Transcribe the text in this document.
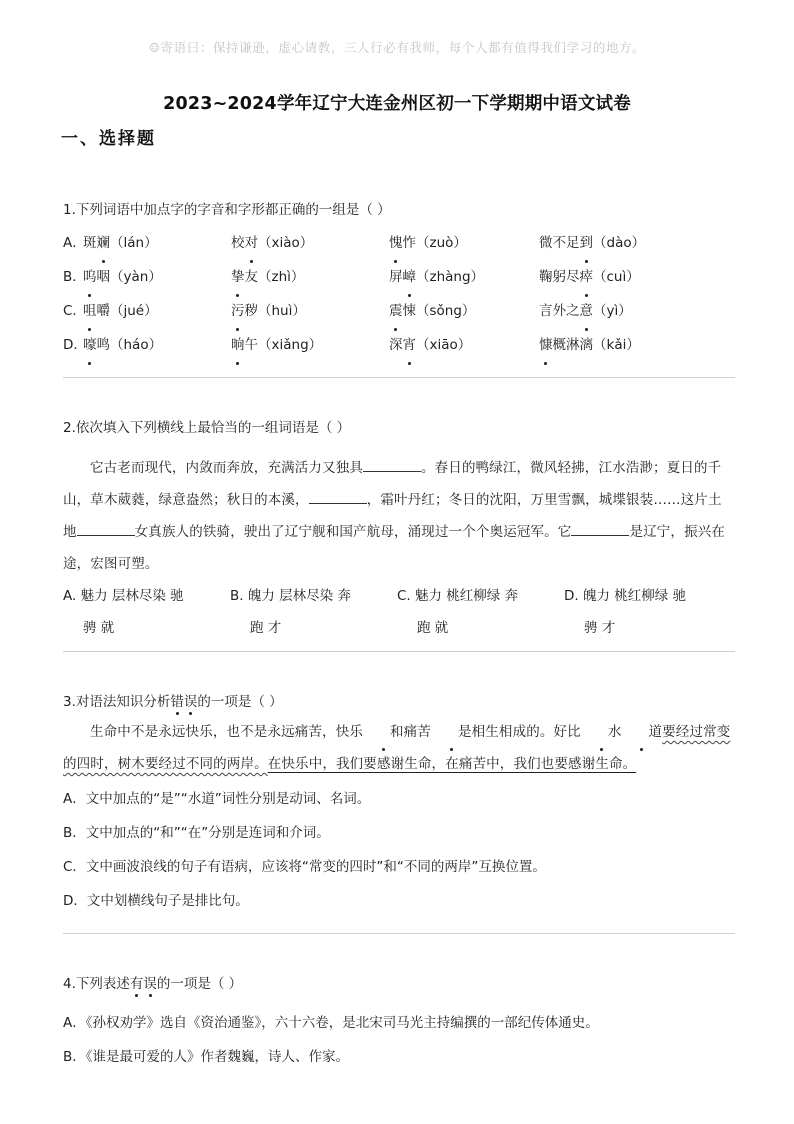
☺寄语曰：保持谦逊，虚心请教，三人行必有我师，每个人都有值得我们学习的地方。
2023~2024学年辽宁大连金州区初一下学期期中语文试卷
一、选择题
1.下列词语中加点字的字音和字形都正确的一组是（ ）
A．
斑斓（lán）	校对（xiào）	愧怍（zuò）	微不足到（dào）
B．
呜咽（yàn）	挚友（zhì）	屏嶂（zhàng）	鞠躬尽瘁（cuì）
C．
咀嚼（jué）	污秽（huì）	震悚（sǒng）	言外之意（yì）
D．
嚎鸣（háo）	晌午（xiǎng）	深宵（xiāo）	慷概淋漓（kǎi）
2.依次填入下列横线上最恰当的一组词语是（ ）
它古老而现代，内敛而奔放，充满活力又独具	。春日的鸭绿江，微风轻拂，江水浩渺；夏日的千山，草木葳蕤，绿意盎然；秋日的本溪，	，霜叶丹红；冬日的沈阳，万里雪飘，城堞银装……这片土地	女真族人的铁骑，驶出了辽宁舰和国产航母，涌现过一个个奥运冠军。它	是辽宁，振兴在途，宏图可塑。
A. 魅力 层林尽染 驰
骋 就
B. 魄力 层林尽染 奔
跑 才
C. 魅力 桃红柳绿 奔
跑 就
D. 魄力 桃红柳绿 驰
骋 才
3.对语法知识分析错误的一项是（ ）
生命中不是永远快乐，也不是永远痛苦，快乐 和痛苦 是相生相成的。好比 水 道要经过常变的四时，树木要经过不同的两岸。在快乐中，我们要感谢生命，在痛苦中，我们也要感谢生命。
A．文中加点的“是”“水道”词性分别是动词、名词。
B．文中加点的“和”“在”分别是连词和介词。
C．文中画波浪线的句子有语病，应该将“常变的四时”和“不同的两岸”互换位置。
D．文中划横线句子是排比句。
4.下列表述有误的一项是（ ）
A．《孙权劝学》选自《资治通鉴》，六十六卷，是北宋司马光主持编撰的一部纪传体通史。
B．《谁是最可爱的人》作者魏巍，诗人、作家。
